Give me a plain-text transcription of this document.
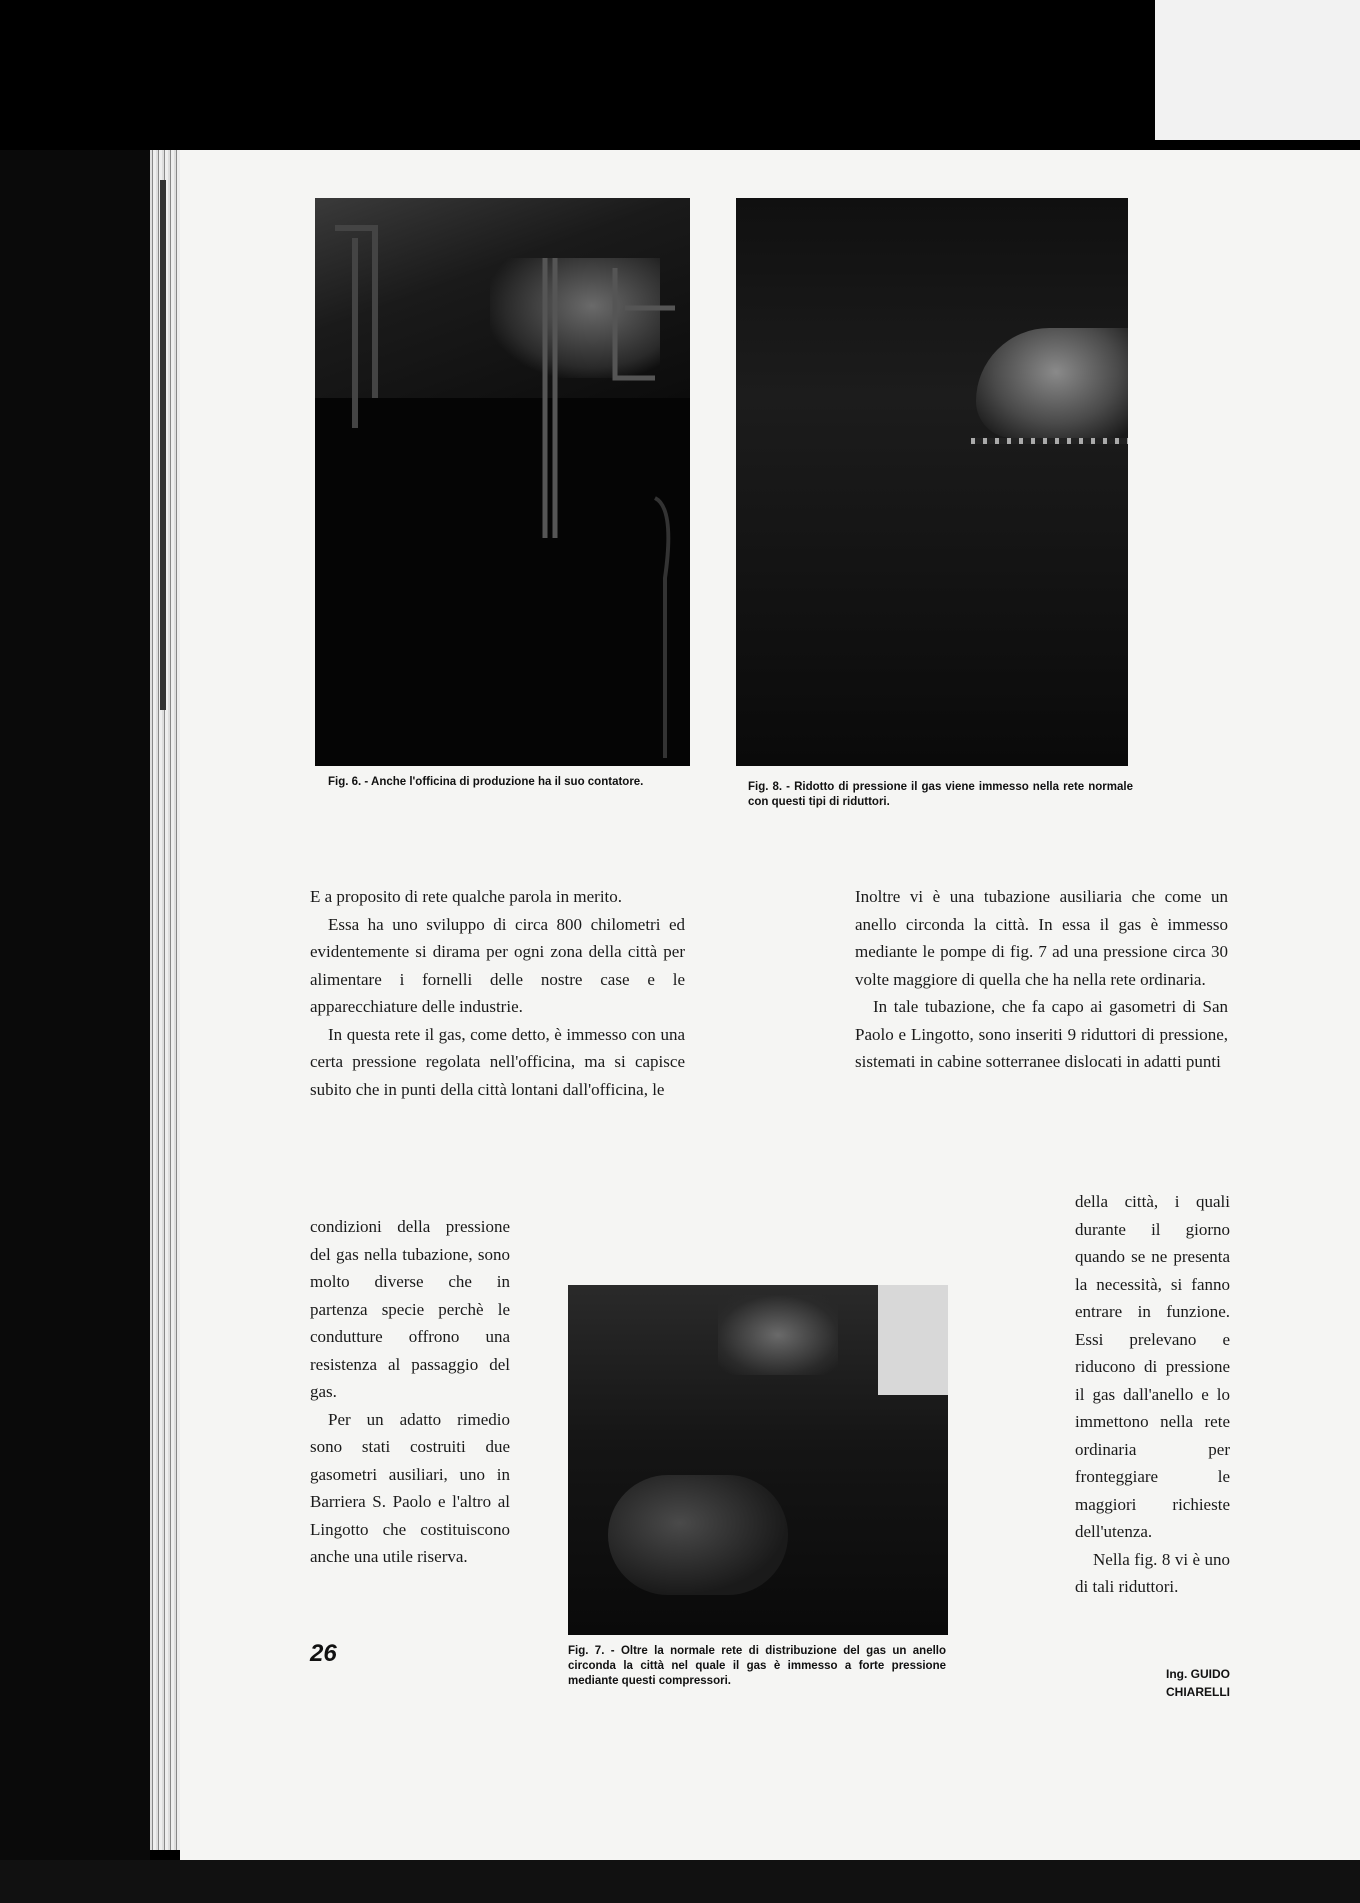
Fig. 6. - Anche l'officina di produzione ha il suo contatore.	Fig. 8. - Ridotto di pressione il gas viene immesso nella rete normale con questi tipi di riduttori.

E a proposito di rete qualche parola in merito.

Essa ha uno sviluppo di circa 800 chilometri ed evidentemente si dirama per ogni zona della città per alimentare i fornelli delle nostre case e le apparecchiature delle industrie.

In questa rete il gas, come detto, è immesso con una certa pressione regolata nell'officina, ma si capisce subito che in punti della città lontani dall'officina, le

condizioni della pressione del gas nella tubazione, sono molto diverse che in partenza specie perchè le condutture offrono una resistenza al passaggio del gas.

Per un adatto rimedio sono stati costruiti due gasometri ausiliari, uno in Barriera S. Paolo e l'altro al Lingotto che costituiscono anche una utile riserva.

Inoltre vi è una tubazione ausiliaria che come un anello circonda la città. In essa il gas è immesso mediante le pompe di fig. 7 ad una pressione circa 30 volte maggiore di quella che ha nella rete ordinaria.

In tale tubazione, che fa capo ai gasometri di San Paolo e Lingotto, sono inseriti 9 riduttori di pressione, sistemati in cabine sotterranee dislocati in adatti punti

della città, i quali durante il giorno quando se ne presenta la necessità, si fanno entrare in funzione. Essi prelevano e riducono di pressione il gas dall'anello e lo immettono nella rete ordinaria per fronteggiare le maggiori richieste dell'utenza.

Nella fig. 8 vi è uno di tali riduttori.

Fig. 7. - Oltre la normale rete di distribuzione del gas un anello circonda la città nel quale il gas è immesso a forte pressione mediante questi compressori.
26
Ing. GUIDO
CHIARELLI
